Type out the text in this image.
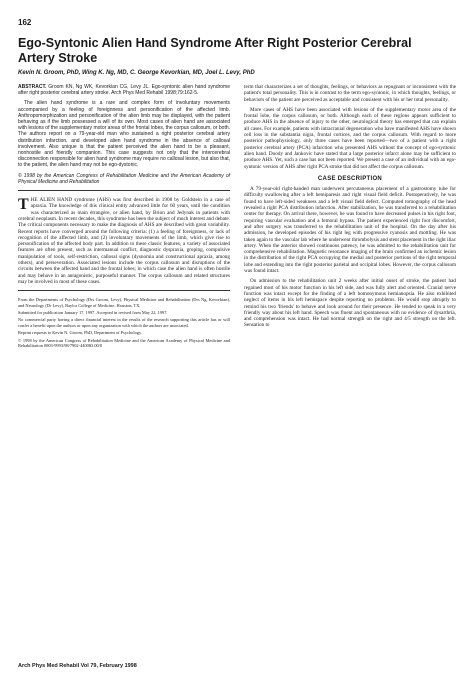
162
Ego-Syntonic Alien Hand Syndrome After Right Posterior Cerebral Artery Stroke
Kevin N. Groom, PhD, Wing K. Ng, MD, C. George Kevorkian, MD, Joel L. Levy, PhD

ABSTRACT. Groom KN, Ng WK, Kevorkian CG, Levy JL. Ego-syntonic alien hand syndrome after right posterior cerebral artery stroke. Arch Phys Med Rehabil 1998;79:162-5.

The alien hand syndrome is a rare and complex form of involuntary movements accompanied by a feeling of foreignness and personification of the affected limb. Anthropomorphization and personification of the alien limb may be displayed, with the patient behaving as if the limb possessed a will of its own. Most cases of alien hand are associated with lesions of the supplementary motor areas of the frontal lobes, the corpus callosum, or both. The authors report on a 79-year-old man who sustained a right posterior cerebral artery distribution infarction, and developed alien hand syndrome in the absence of callosal involvement. Also unique is that the patient perceived the alien hand to be a pleasant, nonhostile and friendly companion. This case suggests not only that the intercerebral disconnection responsible for alien hand syndrome may require no callosal lesion, but also that, to the patient, the alien hand may not be ego-dystonic.

© 1998 by the American Congress of Rehabilitation Medicine and the American Academy of Physical Medicine and Rehabilitation

THE ALIEN HAND syndrome (AHS) was first described in 1908 by Goldstein in a case of apraxia. The knowledge of this clinical entity advanced little for 60 years, until the condition was characterized as main étrangère, or alien hand, by Brion and Jedynak in patients with cerebral neoplasm. In recent decades, this syndrome has been the subject of much interest and debate. The critical components necessary to make the diagnosis of AHS are described with great variability. Recent reports have converged around the following criteria: (1) a feeling of foreignness, or lack of recognition of the affected limb, and (2) involuntary movements of the limb, which give rise to personification of the affected body part. In addition to these classic features, a variety of associated features are often present, such as intermanual conflict, diagnostic dyspraxia, groping, compulsive manipulation of tools, self-restriction, callosal signs (dysnomia and constructional apraxia, among others), and perseveration. Associated lesions include the corpus callosum and disruptions of the circuits between the affected hand and the frontal lobes; in which case the alien hand is often hostile and may behave in an antagonistic, purposeful manner. The corpus callosum and related structures may be involved in most of these cases.

From the Departments of Psychology (Drs Groom, Levy), Physical Medicine and Rehabilitation (Drs Ng, Kevorkian), and Neurology (Dr Levy), Baylor College of Medicine, Houston, TX.

Submitted for publication January 17, 1997. Accepted in revised form May 22, 1997.

No commercial party having a direct financial interest in the results of the research supporting this article has or will confer a benefit upon the authors or upon any organization with which the authors are associated.

Reprint requests to Kevin N. Groom, PhD, Department of Psychology.

© 1998 by the American Congress of Rehabilitation Medicine and the American Academy of Physical Medicine and Rehabilitation 0003-9993/98/7902-4400$3.00/0

term that characterizes a set of thoughts, feelings, or behaviors as repugnant or inconsistent with the patient's total personality. This is in contrast to the term ego-syntonic, in which thoughts, feelings, or behaviors of the patient are perceived as acceptable and consistent with his or her total personality.

More cases of AHS have been associated with lesions of the supplementary motor area of the frontal lobe, the corpus callosum, or both. Although each of these regions appears sufficient to produce AHS in the absence of injury to the other, neurological theory has emerged that can explain all cases. For example, patients with intracranial degeneration who have manifested AHS have shown cell loss in the substantia nigra, frontal cortices, and the corpus callosum. With regard to more posterior pathophysiology, only three cases have been reported—two of a patient with a right posterior cerebral artery (PCA) infarction who presented AHS without the concept of ego-syntonic alien hand. Doody and Jankovic have stated that a large posterior infarct alone may be sufficient to produce AHS. Yet, such a case has not been reported. We present a case of an individual with an ego-syntonic version of AHS after right PCA stroke that did not affect the corpus callosum.

CASE DESCRIPTION

A 79-year-old right-handed man underwent percutaneous placement of a gastrostomy tube for difficulty swallowing after a left hemiparesis and right visual field deficit. Postoperatively, he was found to have left-sided weakness and a left visual field defect. Computed tomography of the head revealed a right PCA distribution infarction. After stabilization, he was transferred to a rehabilitation center for therapy. On arrival there, however, he was found to have decreased pulses in his right foot, requiring vascular evaluation and a femoral bypass. The patient experienced right foot discomfort, and after surgery was transferred to the rehabilitation unit of the hospital. On the day after his admission, he developed episodes of his right leg with progressive cyanosis and mottling. He was taken again to the vascular lab where he underwent thrombolysis and stent placement in the right iliac artery. When the anterior showed continuous patency, he was admitted to the rehabilitation unit for comprehensive rehabilitation. Magnetic resonance imaging of the brain confirmed an ischemic lesion in the distribution of the right PCA occupying the medial and posterior portions of the right temporal lobe and extending into the right posterior parietal and occipital lobes. However, the corpus callosum was found intact.

On admission to the rehabilitation unit 2 weeks after initial onset of stroke, the patient had regained most of his motor function in his left side, and was fully alert and oriented. Cranial nerve function was intact except for the finding of a left homonymous hemianopsia. He also exhibited neglect of items in his left hemispace despite reporting no problems. He would stop abruptly to remind his two 'friends' to behave and look around for their presence. He tended to speak in a very friendly way about his left hand. Speech was fluent and spontaneous with no evidence of dysarthria, and comprehension was intact. He had normal strength on the right and 4/5 strength on the left. Sensation to

Arch Phys Med Rehabil Vol 79, February 1998
